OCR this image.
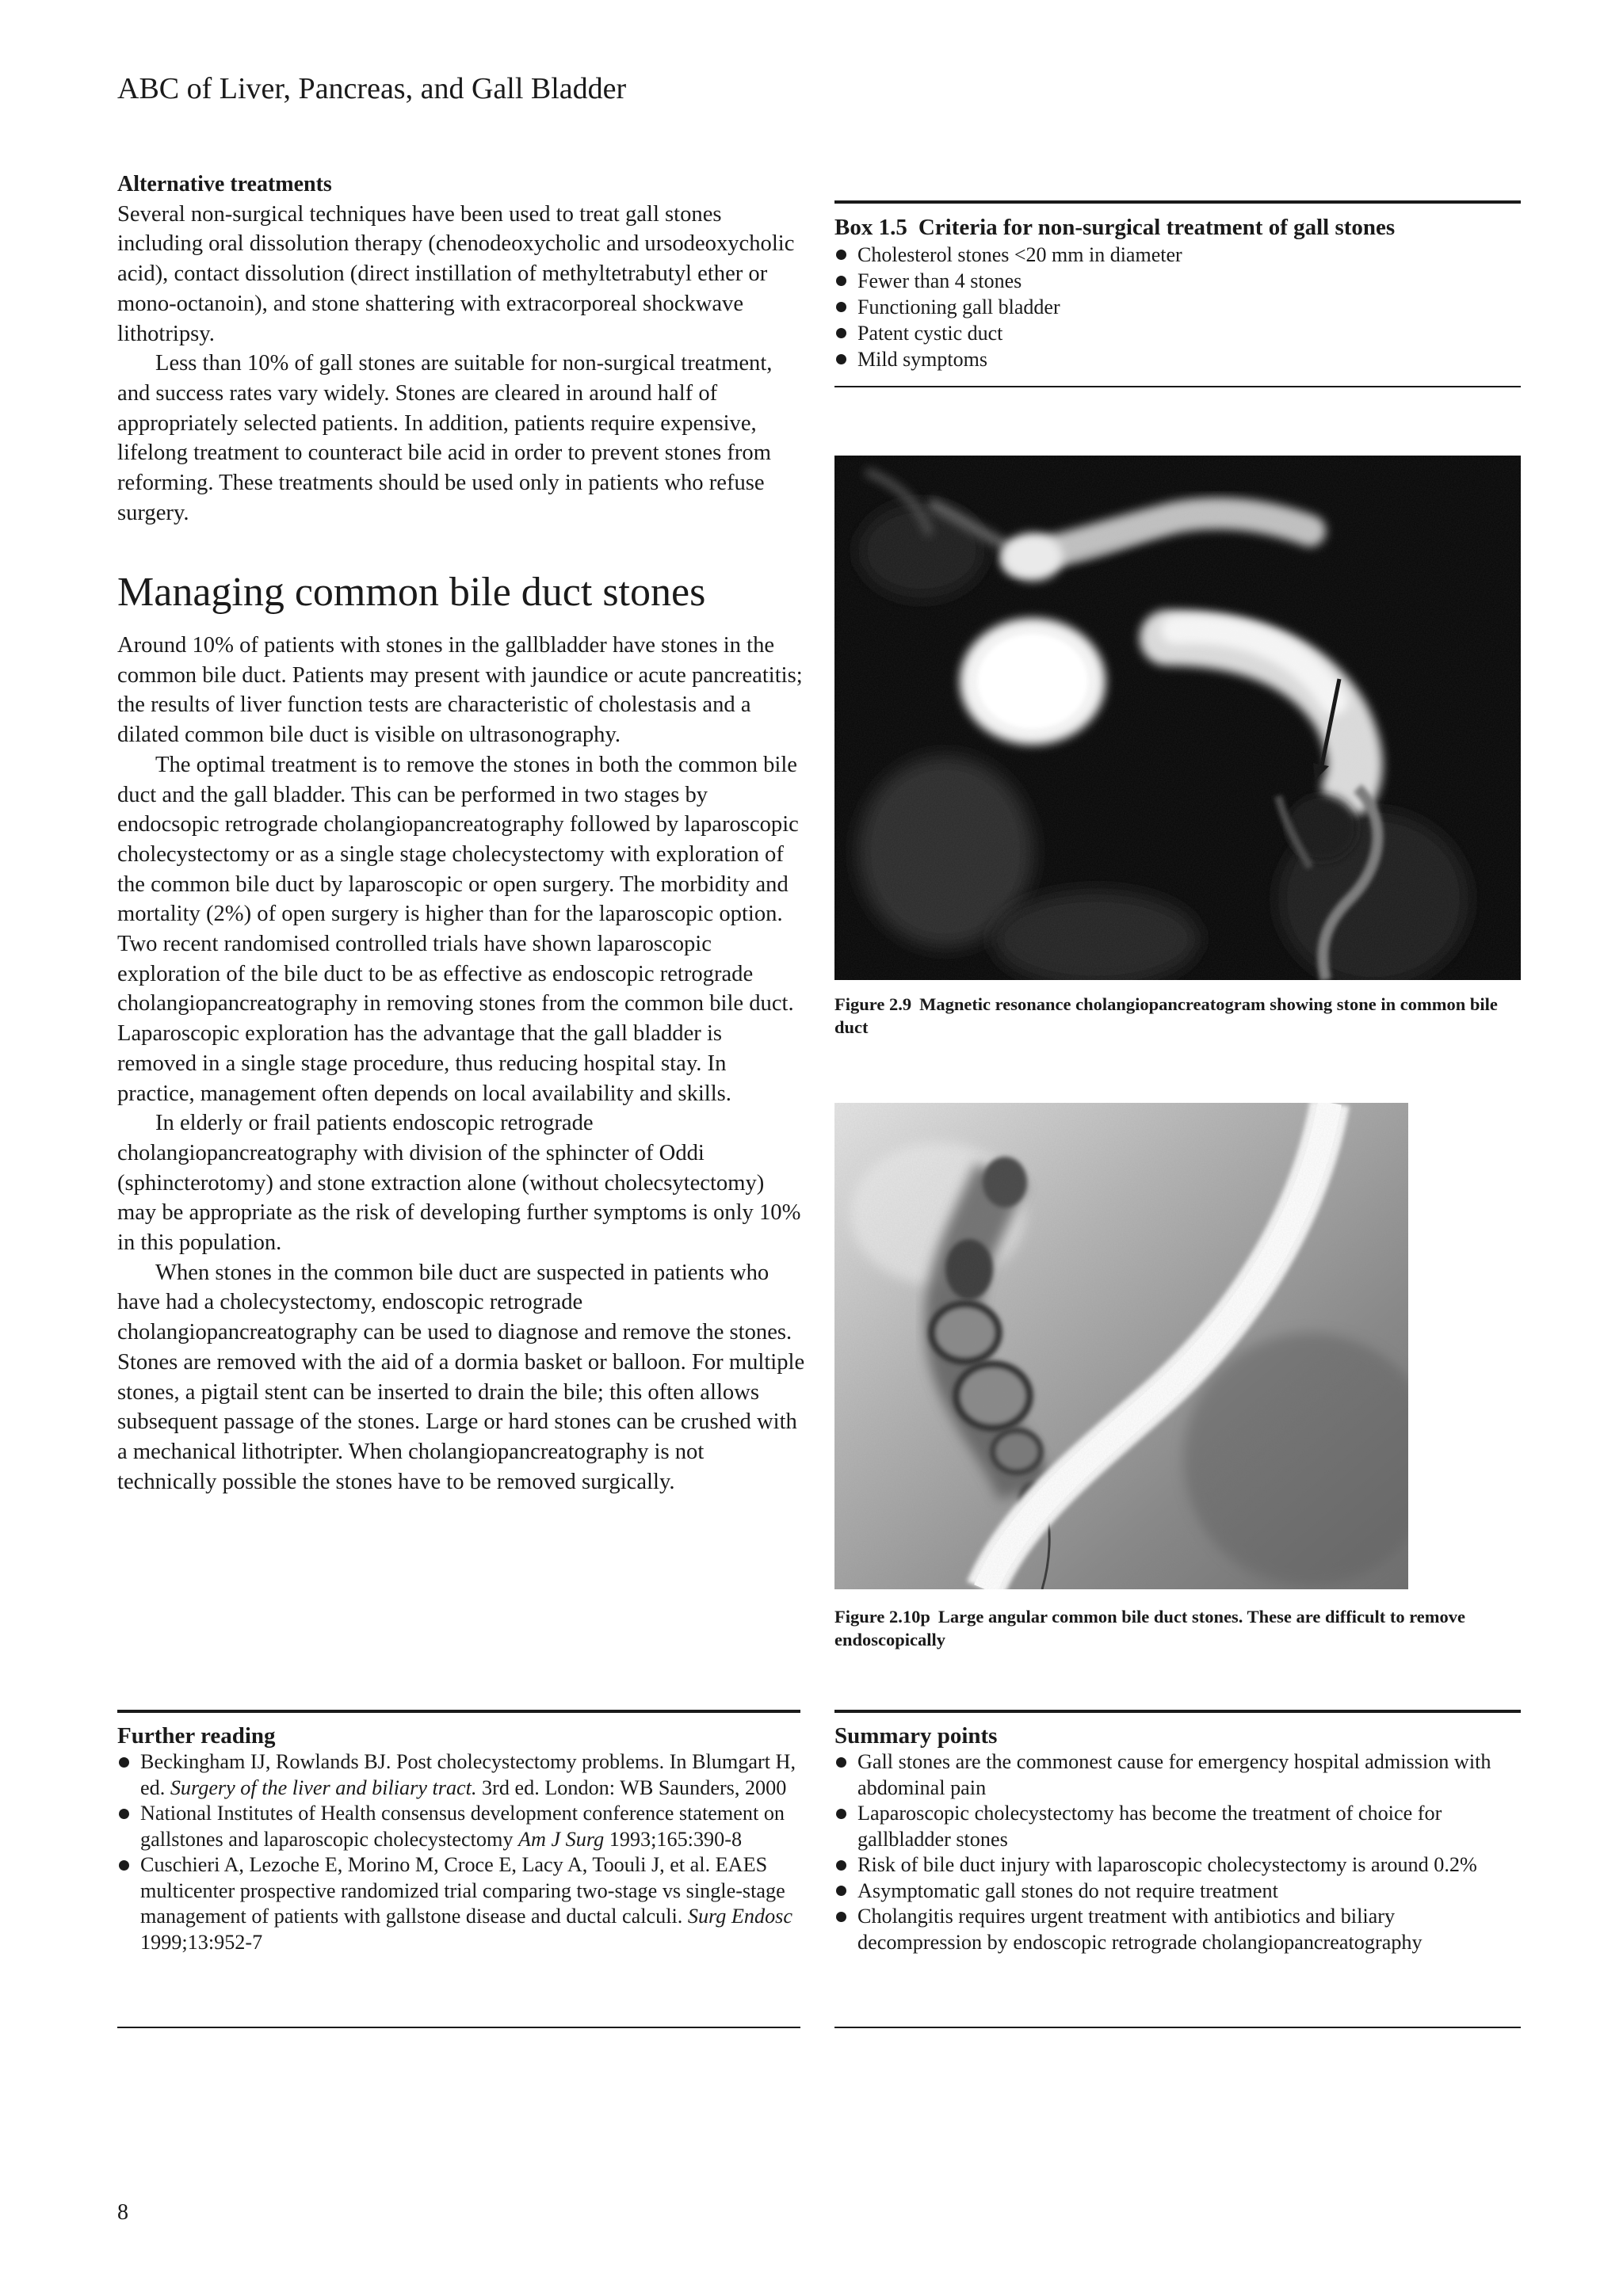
ABC of Liver, Pancreas, and Gall Bladder
Alternative treatments

Several non-surgical techniques have been used to treat gall stones including oral dissolution therapy (chenodeoxycholic and ursodeoxycholic acid), contact dissolution (direct instillation of methyltetrabutyl ether or mono-octanoin), and stone shattering with extracorporeal shockwave lithotripsy.

Less than 10% of gall stones are suitable for non-surgical treatment, and success rates vary widely. Stones are cleared in around half of appropriately selected patients. In addition, patients require expensive, lifelong treatment to counteract bile acid in order to prevent stones from reforming. These treatments should be used only in patients who refuse surgery.

Managing common bile duct stones

Around 10% of patients with stones in the gallbladder have stones in the common bile duct. Patients may present with jaundice or acute pancreatitis; the results of liver function tests are characteristic of cholestasis and a dilated common bile duct is visible on ultrasonography.

The optimal treatment is to remove the stones in both the common bile duct and the gall bladder. This can be performed in two stages by endocsopic retrograde cholangiopancreatography followed by laparoscopic cholecystectomy or as a single stage cholecystectomy with exploration of the common bile duct by laparoscopic or open surgery. The morbidity and mortality (2%) of open surgery is higher than for the laparoscopic option. Two recent randomised controlled trials have shown laparoscopic exploration of the bile duct to be as effective as endoscopic retrograde cholangiopancreatography in removing stones from the common bile duct. Laparoscopic exploration has the advantage that the gall bladder is removed in a single stage procedure, thus reducing hospital stay. In practice, management often depends on local availability and skills.

In elderly or frail patients endoscopic retrograde cholangiopancreatography with division of the sphincter of Oddi (sphincterotomy) and stone extraction alone (without cholecsytectomy) may be appropriate as the risk of developing further symptoms is only 10% in this population.

When stones in the common bile duct are suspected in patients who have had a cholecystectomy, endoscopic retrograde cholangiopancreatography can be used to diagnose and remove the stones. Stones are removed with the aid of a dormia basket or balloon. For multiple stones, a pigtail stent can be inserted to drain the bile; this often allows subsequent passage of the stones. Large or hard stones can be crushed with a mechanical lithotripter. When cholangiopancreatography is not technically possible the stones have to be removed surgically.

Box 1.5 Criteria for non-surgical treatment of gall stones
Cholesterol stones <20 mm in diameter
Fewer than 4 stones
Functioning gall bladder
Patent cystic duct
Mild symptoms
Figure 2.9 Magnetic resonance cholangiopancreatogram showing stone in common bile duct
Figure 2.10p Large angular common bile duct stones. These are difficult to remove endoscopically
Further reading
Beckingham IJ, Rowlands BJ. Post cholecystectomy problems. In Blumgart H, ed. Surgery of the liver and biliary tract. 3rd ed. London: WB Saunders, 2000
National Institutes of Health consensus development conference statement on gallstones and laparoscopic cholecystectomy Am J Surg 1993;165:390-8
Cuschieri A, Lezoche E, Morino M, Croce E, Lacy A, Toouli J, et al. EAES multicenter prospective randomized trial comparing two-stage vs single-stage management of patients with gallstone disease and ductal calculi. Surg Endosc 1999;13:952-7
Summary points
Gall stones are the commonest cause for emergency hospital admission with abdominal pain
Laparoscopic cholecystectomy has become the treatment of choice for gallbladder stones
Risk of bile duct injury with laparoscopic cholecystectomy is around 0.2%
Asymptomatic gall stones do not require treatment
Cholangitis requires urgent treatment with antibiotics and biliary decompression by endoscopic retrograde cholangiopancreatography
8
